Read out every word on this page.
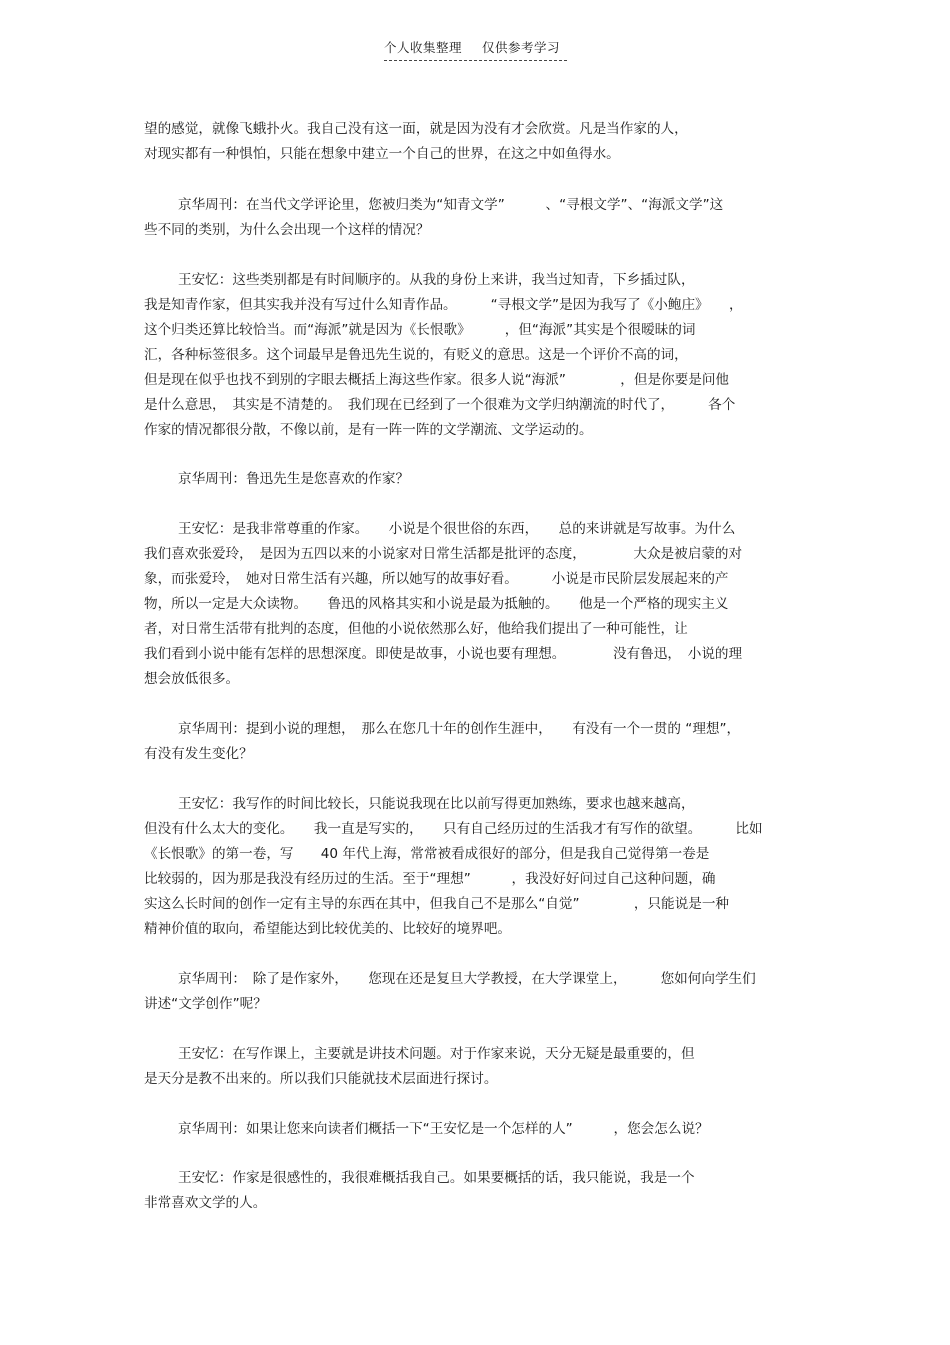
个人收集整理 仅供参考学习
望的感觉，就像飞蛾扑火。我自己没有这一面，就是因为没有才会欣赏。凡是当作家的人，
对现实都有一种惧怕，只能在想象中建立一个自己的世界，在这之中如鱼得水。
京华周刊：在当代文学评论里，您被归类为“知青文学”　　　、“寻根文学”、“海派文学”这
些不同的类别，为什么会出现一个这样的情况？
王安忆：这些类别都是有时间顺序的。从我的身份上来讲，我当过知青，下乡插过队，
我是知青作家，但其实我并没有写过什么知青作品。　　　“寻根文学”是因为我写了《小鲍庄》　　，
这个归类还算比较恰当。而“海派”就是因为《长恨歌》　　　，但“海派”其实是个很暧昧的词
汇，各种标签很多。这个词最早是鲁迅先生说的，有贬义的意思。这是一个评价不高的词，
但是现在似乎也找不到别的字眼去概括上海这些作家。很多人说“海派”　　　　，但是你要是问他
是什么意思，　其实是不清楚的。　我们现在已经到了一个很难为文学归纳潮流的时代了，　　　各个
作家的情况都很分散，不像以前，是有一阵一阵的文学潮流、文学运动的。
京华周刊：鲁迅先生是您喜欢的作家？
王安忆：是我非常尊重的作家。　　小说是个很世俗的东西，　　总的来讲就是写故事。为什么
我们喜欢张爱玲，　是因为五四以来的小说家对日常生活都是批评的态度，　　　　大众是被启蒙的对
象，而张爱玲，　她对日常生活有兴趣，所以她写的故事好看。　　　小说是市民阶层发展起来的产
物，所以一定是大众读物。　　鲁迅的风格其实和小说是最为抵触的。　　他是一个严格的现实主义
者，对日常生活带有批判的态度，但他的小说依然那么好，他给我们提出了一种可能性，让
我们看到小说中能有怎样的思想深度。即使是故事，小说也要有理想。　　　　没有鲁迅，　小说的理
想会放低很多。
京华周刊：提到小说的理想，　那么在您几十年的创作生涯中，　　有没有一个一贯的 “理想”，
有没有发生变化？
王安忆：我写作的时间比较长，只能说我现在比以前写得更加熟练，要求也越来越高，
但没有什么太大的变化。　　我一直是写实的，　　只有自己经历过的生活我才有写作的欲望。　　　比如
《长恨歌》的第一卷，写　　40 年代上海，常常被看成很好的部分，但是我自己觉得第一卷是
比较弱的，因为那是我没有经历过的生活。至于“理想”　　　，我没好好问过自己这种问题，确
实这么长时间的创作一定有主导的东西在其中，但我自己不是那么“自觉”　　　　，只能说是一种
精神价值的取向，希望能达到比较优美的、比较好的境界吧。
京华周刊：　除了是作家外，　　您现在还是复旦大学教授，在大学课堂上，　　　您如何向学生们
讲述“文学创作”呢？
王安忆：在写作课上，主要就是讲技术问题。对于作家来说，天分无疑是最重要的，但
是天分是教不出来的。所以我们只能就技术层面进行探讨。
京华周刊：如果让您来向读者们概括一下“王安忆是一个怎样的人”　　　，您会怎么说？
王安忆：作家是很感性的，我很难概括我自己。如果要概括的话，我只能说，我是一个
非常喜欢文学的人。
